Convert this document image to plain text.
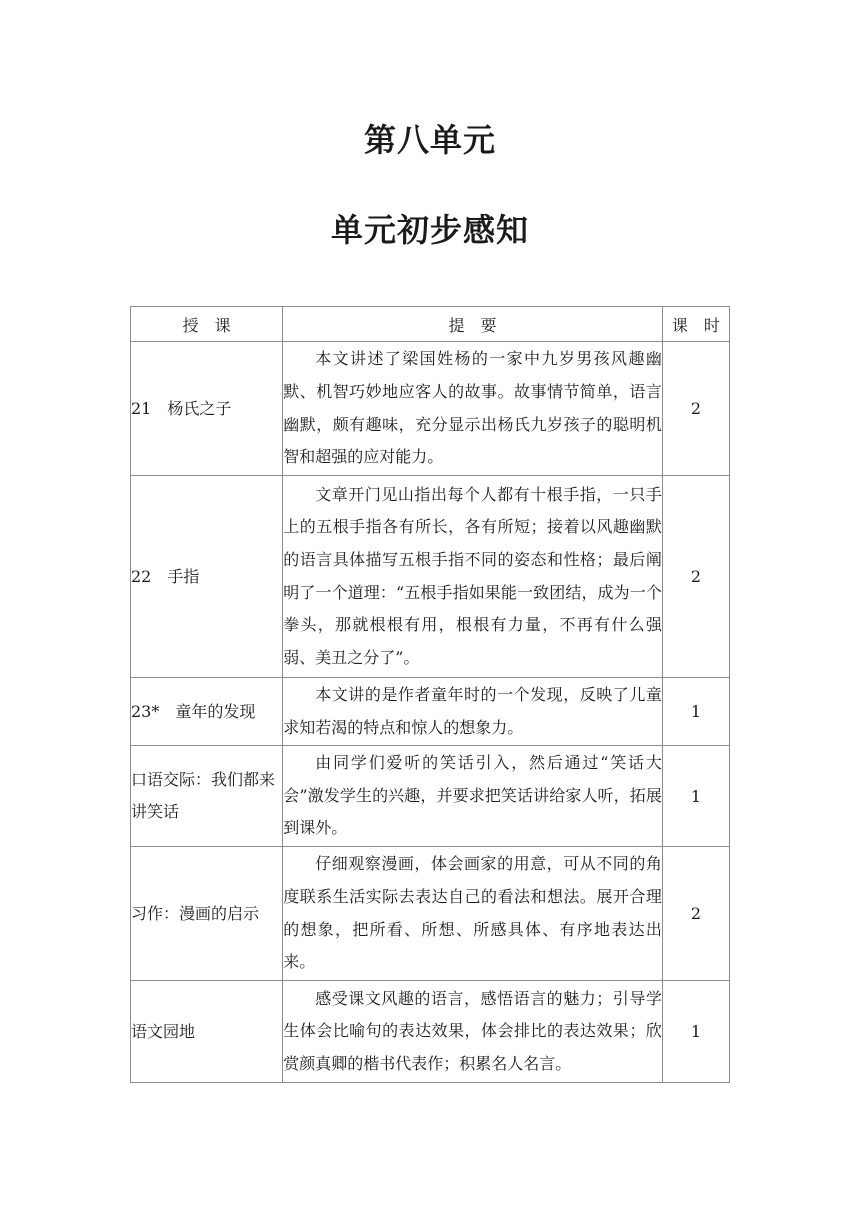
第八单元
单元初步感知
授　课	提　要	课　时
21　杨氏之子	本文讲述了梁国姓杨的一家中九岁男孩风趣幽默、机智巧妙地应客人的故事。故事情节简单，语言幽默，颇有趣味，充分显示出杨氏九岁孩子的聪明机智和超强的应对能力。	2
22　手指	文章开门见山指出每个人都有十根手指，一只手上的五根手指各有所长，各有所短；接着以风趣幽默的语言具体描写五根手指不同的姿态和性格；最后阐明了一个道理：“五根手指如果能一致团结，成为一个拳头，那就根根有用，根根有力量，不再有什么强弱、美丑之分了”。	2
23*　童年的发现	本文讲的是作者童年时的一个发现，反映了儿童求知若渴的特点和惊人的想象力。	1
口语交际：我们都来讲笑话	由同学们爱听的笑话引入，然后通过“笑话大会”激发学生的兴趣，并要求把笑话讲给家人听，拓展到课外。	1
习作：漫画的启示	仔细观察漫画，体会画家的用意，可从不同的角度联系生活实际去表达自己的看法和想法。展开合理的想象，把所看、所想、所感具体、有序地表达出来。	2
语文园地	感受课文风趣的语言，感悟语言的魅力；引导学生体会比喻句的表达效果，体会排比的表达效果；欣赏颜真卿的楷书代表作；积累名人名言。	1
